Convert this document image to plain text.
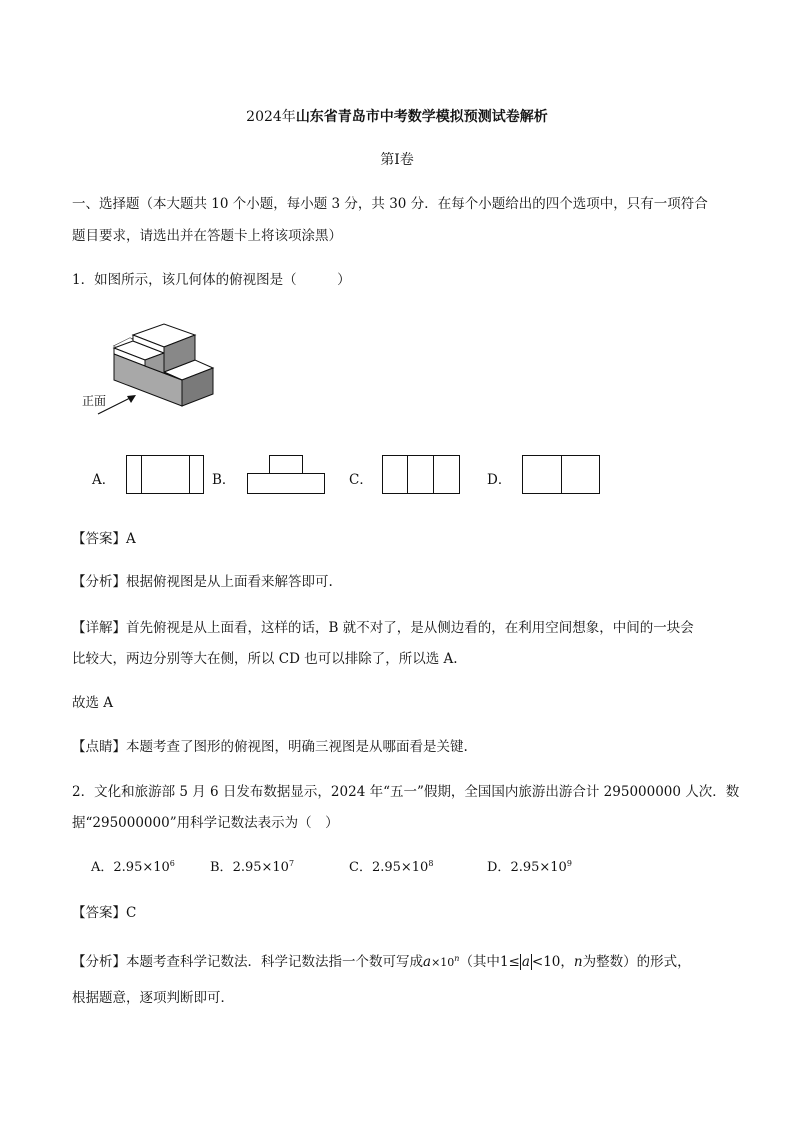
2024年山东省青岛市中考数学模拟预测试卷解析
第Ⅰ卷
一、选择题（本大题共 10 个小题，每小题 3 分，共 30 分．在每个小题给出的四个选项中，只有一项符合
题目要求，请选出并在答题卡上将该项涂黑）
1．如图所示，该几何体的俯视图是（　　　）
正面
A．	B．	C．	D．
【答案】A
【分析】根据俯视图是从上面看来解答即可.
【详解】首先俯视是从上面看，这样的话，B 就不对了，是从侧边看的，在利用空间想象，中间的一块会
比较大，两边分别等大在侧，所以 CD 也可以排除了，所以选 A.
故选 A
【点睛】本题考查了图形的俯视图，明确三视图是从哪面看是关键.
2．文化和旅游部 5 月 6 日发布数据显示，2024 年“五一”假期，全国国内旅游出游合计 295000000 人次．数
据“295000000”用科学记数法表示为（　）
A．$2.95\times 10^6$	B．$2.95\times 10^7$	C．$2.95\times 10^8$	D．$2.95\times 10^9$
【答案】C
【分析】本题考查科学记数法．科学记数法指一个数可写成$a\times 10^n$（其中1≤ a <10，n为整数）的形式，
根据题意，逐项判断即可．
